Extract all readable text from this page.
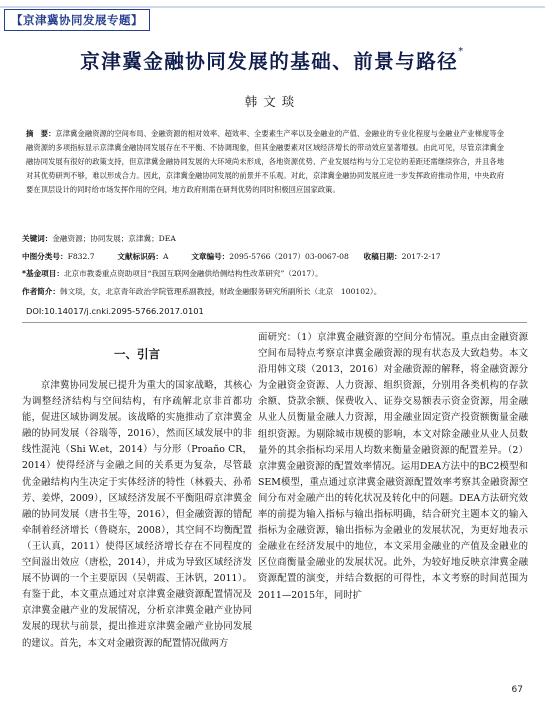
【京津冀协同发展专题】
京津冀金融协同发展的基础、前景与路径*
韩文琰
摘　要：京津冀金融资源的空间布局、金融资源的相对效率、超效率、全要素生产率以及金融业的产值、金融业的专业化程度与金融业产业梯度等金融资源的多项指标显示京津冀金融协同发展存在不平衡、不协调现象，但其金融要素对区域经济增长的带动效应显著增强。由此可见，尽管京津冀金融协同发展有很好的政策支持，但京津冀金融协同发展的大环境尚未形成，各地资源优势、产业发展结构与分工定位的差距还需继续弥合，并且各地对其优势研判不够，难以形成合力。因此，京津冀金融协同发展的前景并不乐观。对此，京津冀金融协同发展应进一步发挥政府推动作用，中央政府要在顶层设计的同时给市场发挥作用的空间，地方政府则需在研判优势的同时积极回应国家政策。
关键词：金融资源；协同发展；京津冀；DEA
中图分类号：F832.7	文献标识码：A	文章编号：2095-5766（2017）03-0067-08 收稿日期：2017-2-17
*基金项目：北京市教委重点资助项目“我国互联网金融供给侧结构性改革研究”（2017）。
作者简介：韩文琰，女，北京青年政治学院管理系副教授，财政金融服务研究所副所长（北京　100102）。
DOI:10.14017/j.cnki.2095-5766.2017.0101
一、引言

京津冀协同发展已提升为重大的国家战略，其核心为调整经济结构与空间结构，有序疏解北京非首都功能，促进区域协调发展。该战略的实施推动了京津冀金融的协同发展（谷瑞等，2016），然而区域发展中的非线性混沌（Shi W.et，2014）与分形（Proaño CR，2014）使得经济与金融之间的关系更为复杂，尽管最优金融结构内生决定于实体经济的特性（林毅夫、孙希芳、姜烨，2009），区域经济发展不平衡阻碍京津冀金融的协同发展（唐书生等，2016），但金融资源的错配牵制着经济增长（鲁晓东，2008），其空间不均衡配置（王认真，2011）使得区域经济增长存在不同程度的空间溢出效应（唐松，2014），并成为导致区域经济发展不协调的一个主要原因（吴朝霞、王沐钒，2011）。有鉴于此，本文重点通过对京津冀金融资源配置情况及京津冀金融产业的发展情况，分析京津冀金融产业协同发展的现状与前景，提出推进京津冀金融产业协同发展的建议。首先，本文对金融资源的配置情况做两方

面研究：（1）京津冀金融资源的空间分布情况。重点由金融资源空间布局特点考察京津冀金融资源的现有状态及大致趋势。本文沿用韩文琰（2013，2016）对金融资源的解释，将金融资源分为金融资金资源、人力资源、组织资源，分别用各类机构的存款余额、贷款余额、保费收入、证券交易额表示资金资源，用金融从业人员衡量金融人力资源，用金融业固定资产投资额衡量金融组织资源。为剔除城市规模的影响，本文对除金融业从业人员数量外的其余指标均采用人均数来衡量金融资源的配置差异。（2）京津冀金融资源的配置效率情况。运用DEA方法中的BC2模型和SEM模型，重点通过京津冀金融资源配置效率考察其金融资源空间分布对金融产出的转化状况及转化中的问题。DEA方法研究效率的前提为输入指标与输出指标明确，结合研究主题本文的输入指标为金融资源，输出指标为金融业的发展状况，为更好地表示金融业在经济发展中的地位，本文采用金融业的产值及金融业的区位商衡量金融业的发展状况。此外，为较好地反映京津冀金融资源配置的演变，并结合数据的可得性，本文考察的时间范围为2011—2015年，同时扩

67
